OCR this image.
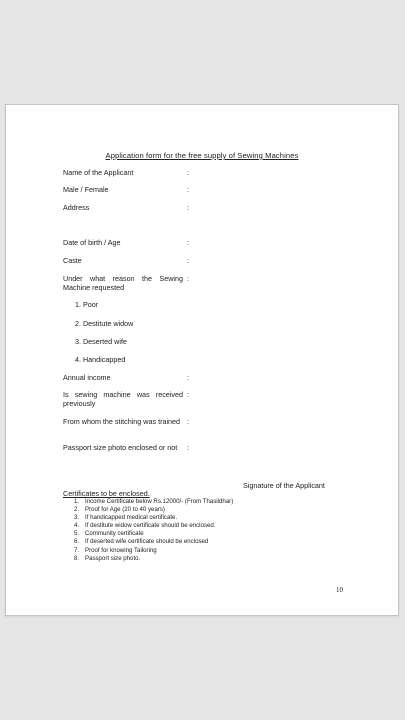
Application form for the free supply of Sewing Machines
Name of the Applicant	:
Male / Female	:
Address	:
Date of birth / Age	:
Caste	:
Under what reason the Sewing Machine requested
:
1. Poor
2. Destitute widow
3. Deserted wife
4. Handicapped
Annual income	:
Is sewing machine was received previously
:
From whom the stitching was trained :
Passport size photo enclosed or not	:
Signature of the Applicant
Certificates to be enclosed.
1. Income Certificate below Rs.12000/- (From Thasildhar)
2. Proof for Age (20 to 40 years)
3. If handicapped medical certificate.
4. If destitute widow certificate should be enclosed.
5. Community certificate
6. If deserted wife certificate should be enclosed
7. Proof for knowing Tailoring
8. Passport size photo.
10
